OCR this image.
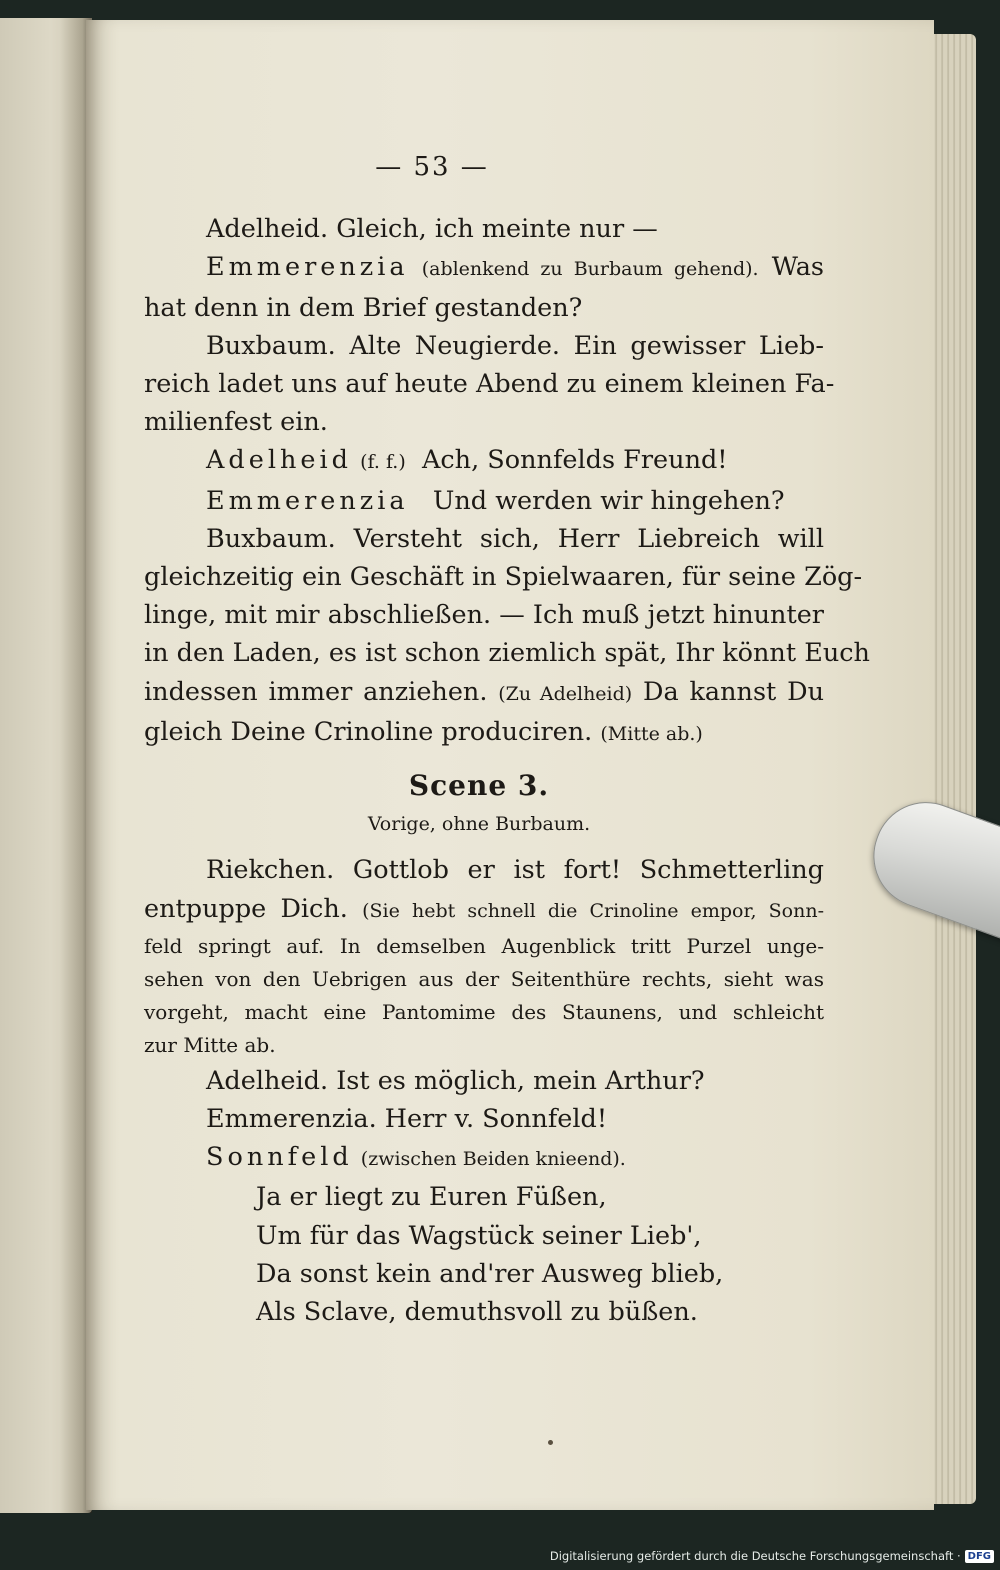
— 53 —
Adelheid. Gleich, ich meinte nur —
Emmerenzia (ablenkend zu Burbaum gehend). Was
hat denn in dem Brief gestanden?
Buxbaum. Alte Neugierde. Ein gewisser Lieb-
reich ladet uns auf heute Abend zu einem kleinen Fa-
milienfest ein.
Adelheid (f. f.) Ach, Sonnfelds Freund!
Emmerenzia Und werden wir hingehen?
Buxbaum. Versteht sich, Herr Liebreich will
gleichzeitig ein Geschäft in Spielwaaren, für seine Zög-
linge, mit mir abschließen. — Ich muß jetzt hinunter
in den Laden, es ist schon ziemlich spät, Ihr könnt Euch
indessen immer anziehen. (Zu Adelheid) Da kannst Du
gleich Deine Crinoline produciren. (Mitte ab.)
Scene 3.
Vorige, ohne Burbaum.
Riekchen. Gottlob er ist fort! Schmetterling
entpuppe Dich. (Sie hebt schnell die Crinoline empor, Sonn-
feld springt auf. In demselben Augenblick tritt Purzel unge-
sehen von den Uebrigen aus der Seitenthüre rechts, sieht was
vorgeht, macht eine Pantomime des Staunens, und schleicht
zur Mitte ab.
Adelheid. Ist es möglich, mein Arthur?
Emmerenzia. Herr v. Sonnfeld!
Sonnfeld (zwischen Beiden knieend).
Ja er liegt zu Euren Füßen,
Um für das Wagstück seiner Lieb',
Da sonst kein and'rer Ausweg blieb,
Als Sclave, demuthsvoll zu büßen.
Digitalisierung gefördert durch die Deutsche Forschungsgemeinschaft · DFG
